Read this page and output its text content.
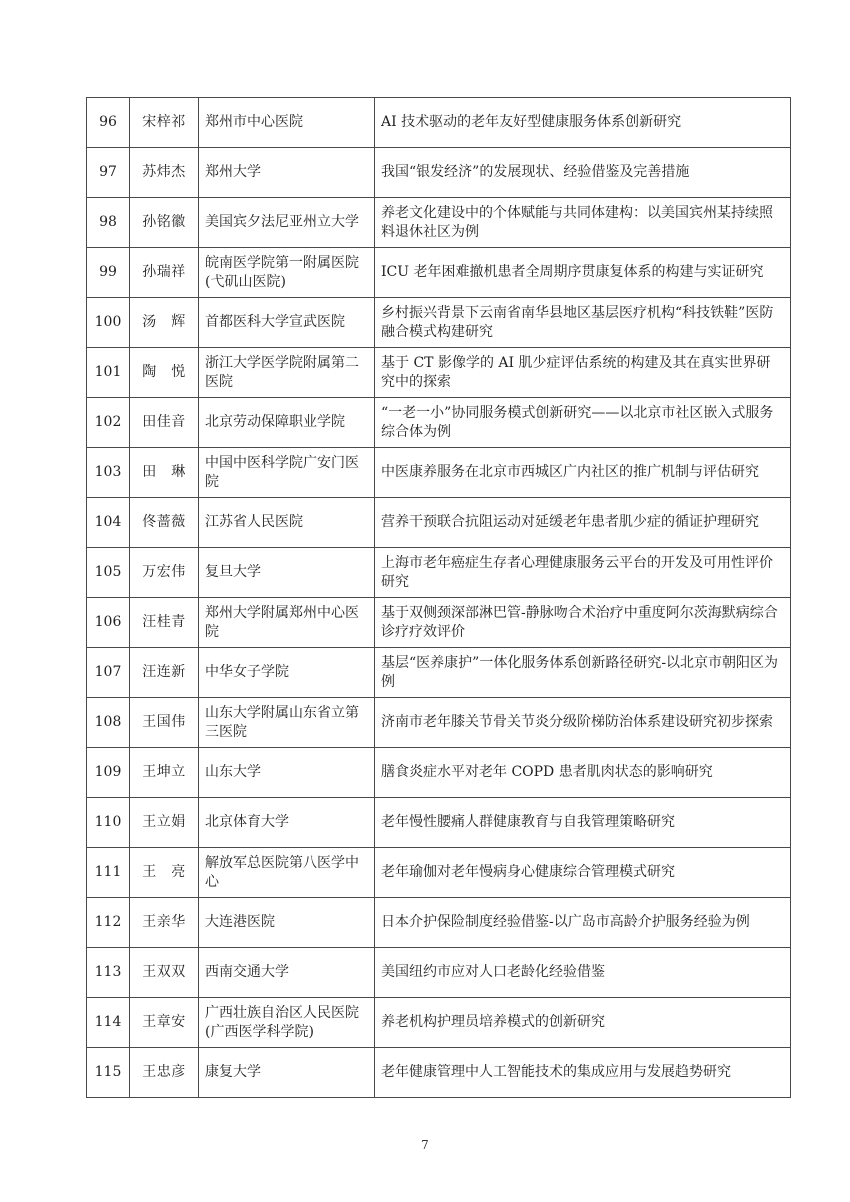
96	宋梓祁	郑州市中心医院	AI 技术驱动的老年友好型健康服务体系创新研究
97	苏炜杰	郑州大学	我国“银发经济”的发展现状、经验借鉴及完善措施
98	孙铭徽	美国宾夕法尼亚州立大学	养老文化建设中的个体赋能与共同体建构：以美国宾州某持续照料退休社区为例
99	孙瑞祥	皖南医学院第一附属医院(弋矶山医院)	ICU 老年困难撤机患者全周期序贯康复体系的构建与实证研究
100	汤　辉	首都医科大学宣武医院	乡村振兴背景下云南省南华县地区基层医疗机构“科技铁鞋”医防融合模式构建研究
101	陶　悦	浙江大学医学院附属第二医院	基于 CT 影像学的 AI 肌少症评估系统的构建及其在真实世界研究中的探索
102	田佳音	北京劳动保障职业学院	“一老一小”协同服务模式创新研究——以北京市社区嵌入式服务综合体为例
103	田　琳	中国中医科学院广安门医院	中医康养服务在北京市西城区广内社区的推广机制与评估研究
104	佟蔷薇	江苏省人民医院	营养干预联合抗阻运动对延缓老年患者肌少症的循证护理研究
105	万宏伟	复旦大学	上海市老年癌症生存者心理健康服务云平台的开发及可用性评价研究
106	汪桂青	郑州大学附属郑州中心医院	基于双侧颈深部淋巴管-静脉吻合术治疗中重度阿尔茨海默病综合诊疗疗效评价
107	汪连新	中华女子学院	基层“医养康护”一体化服务体系创新路径研究-以北京市朝阳区为例
108	王国伟	山东大学附属山东省立第三医院	济南市老年膝关节骨关节炎分级阶梯防治体系建设研究初步探索
109	王坤立	山东大学	膳食炎症水平对老年 COPD 患者肌肉状态的影响研究
110	王立娟	北京体育大学	老年慢性腰痛人群健康教育与自我管理策略研究
111	王　亮	解放军总医院第八医学中心	老年瑜伽对老年慢病身心健康综合管理模式研究
112	王亲华	大连港医院	日本介护保险制度经验借鉴-以广岛市高龄介护服务经验为例
113	王双双	西南交通大学	美国纽约市应对人口老龄化经验借鉴
114	王章安	广西壮族自治区人民医院(广西医学科学院)	养老机构护理员培养模式的创新研究
115	王忠彦	康复大学	老年健康管理中人工智能技术的集成应用与发展趋势研究
7
